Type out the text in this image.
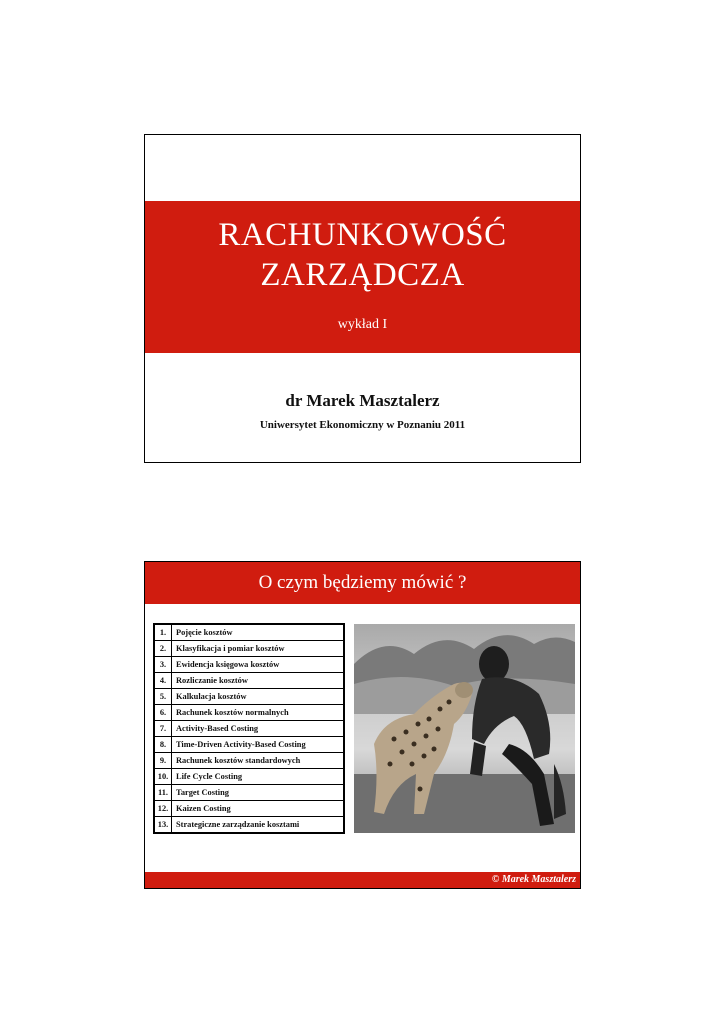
RACHUNKOWOŚĆ
ZARZĄDCZA
wykład I
dr Marek Masztalerz
Uniwersytet Ekonomiczny w Poznaniu 2011
O czym będziemy mówić ?
1.	Pojęcie kosztów
2.	Klasyfikacja i pomiar kosztów
3.	Ewidencja księgowa kosztów
4.	Rozliczanie kosztów
5.	Kalkulacja kosztów
6.	Rachunek kosztów normalnych
7.	Activity-Based Costing
8.	Time-Driven Activity-Based Costing
9.	Rachunek kosztów standardowych
10.	Life Cycle Costing
11.	Target Costing
12.	Kaizen Costing
13.	Strategiczne zarządzanie kosztami
© Marek Masztalerz
